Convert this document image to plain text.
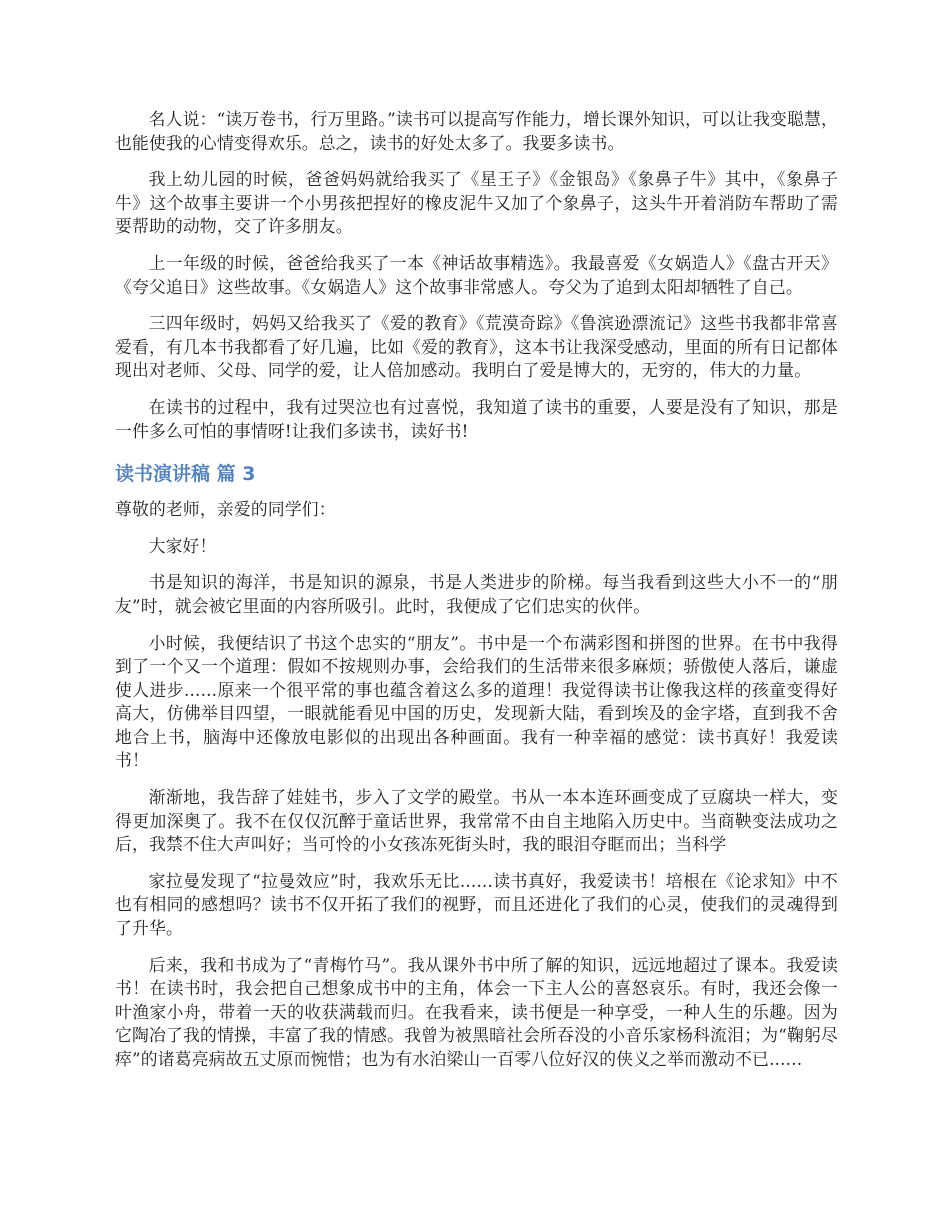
名人说：“读万卷书，行万里路。”读书可以提高写作能力，增长课外知识，可以让我变聪慧，也能使我的心情变得欢乐。总之，读书的好处太多了。我要多读书。

我上幼儿园的时候，爸爸妈妈就给我买了《星王子》《金银岛》《象鼻子牛》其中，《象鼻子牛》这个故事主要讲一个小男孩把捏好的橡皮泥牛又加了个象鼻子，这头牛开着消防车帮助了需要帮助的动物，交了许多朋友。

上一年级的时候，爸爸给我买了一本《神话故事精选》。我最喜爱《女娲造人》《盘古开天》《夸父追日》这些故事。《女娲造人》这个故事非常感人。夸父为了追到太阳却牺牲了自己。

三四年级时，妈妈又给我买了《爱的教育》《荒漠奇踪》《鲁滨逊漂流记》这些书我都非常喜爱看，有几本书我都看了好几遍，比如《爱的教育》，这本书让我深受感动，里面的所有日记都体现出对老师、父母、同学的爱，让人倍加感动。我明白了爱是博大的，无穷的，伟大的力量。

在读书的过程中，我有过哭泣也有过喜悦，我知道了读书的重要，人要是没有了知识，那是一件多么可怕的事情呀!让我们多读书，读好书!

读书演讲稿 篇 3

尊敬的老师，亲爱的同学们：

大家好！

书是知识的海洋，书是知识的源泉，书是人类进步的阶梯。每当我看到这些大小不一的“朋友”时，就会被它里面的内容所吸引。此时，我便成了它们忠实的伙伴。

小时候，我便结识了书这个忠实的“朋友”。书中是一个布满彩图和拼图的世界。在书中我得到了一个又一个道理：假如不按规则办事，会给我们的生活带来很多麻烦；骄傲使人落后，谦虚使人进步......原来一个很平常的事也蕴含着这么多的道理！我觉得读书让像我这样的孩童变得好高大，仿佛举目四望，一眼就能看见中国的历史，发现新大陆，看到埃及的金字塔，直到我不舍地合上书，脑海中还像放电影似的出现出各种画面。我有一种幸福的感觉：读书真好！我爱读书！

渐渐地，我告辞了娃娃书，步入了文学的殿堂。书从一本本连环画变成了豆腐块一样大，变得更加深奥了。我不在仅仅沉醉于童话世界，我常常不由自主地陷入历史中。当商鞅变法成功之后，我禁不住大声叫好；当可怜的小女孩冻死街头时，我的眼泪夺眶而出；当科学

家拉曼发现了“拉曼效应”时，我欢乐无比......读书真好，我爱读书！培根在《论求知》中不也有相同的感想吗？读书不仅开拓了我们的视野，而且还进化了我们的心灵，使我们的灵魂得到了升华。

后来，我和书成为了“青梅竹马”。我从课外书中所了解的知识，远远地超过了课本。我爱读书！在读书时，我会把自己想象成书中的主角，体会一下主人公的喜怒哀乐。有时，我还会像一叶渔家小舟，带着一天的收获满载而归。在我看来，读书便是一种享受，一种人生的乐趣。因为它陶冶了我的情操，丰富了我的情感。我曾为被黑暗社会所吞没的小音乐家杨科流泪；为“鞠躬尽瘁”的诸葛亮病故五丈原而惋惜；也为有水泊梁山一百零八位好汉的侠义之举而激动不已......
